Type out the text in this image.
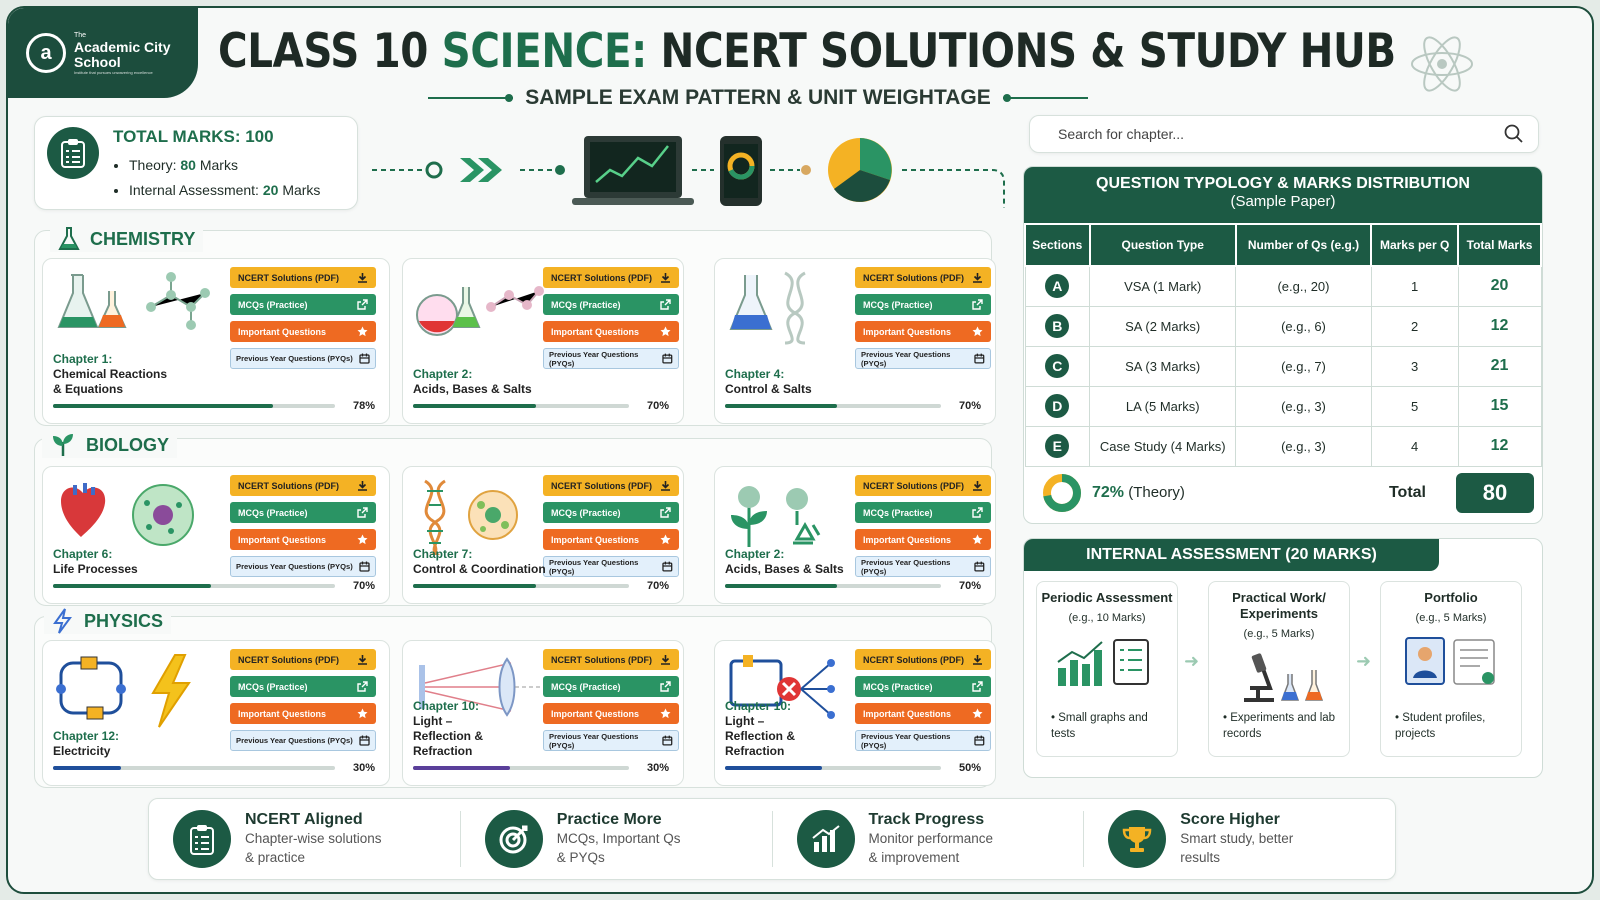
a
The
Academic City School
Institute that pursues unwavering excellence	CLASS 10 SCIENCE: NCERT SOLUTIONS & STUDY HUB
SAMPLE EXAM PATTERN & UNIT WEIGHTAGE
TOTAL MARKS: 100
• Theory: 80 Marks
• Internal Assessment: 20 Marks
Search for chapter...
CHEMISTRY
BIOLOGY
PHYSICS
NCERT Solutions (PDF)
MCQs (Practice)
Important Questions
Previous Year Questions (PYQs)
Chapter 1:
Chemical Reactions
& Equations
78%
NCERT Solutions (PDF)
MCQs (Practice)
Important Questions
Previous Year Questions (PYQs)
Chapter 2:
Acids, Bases & Salts
70%
NCERT Solutions (PDF)
MCQs (Practice)
Important Questions
Previous Year Questions (PYQs)
Chapter 4:
Control & Salts
70%
NCERT Solutions (PDF)
MCQs (Practice)
Important Questions
Previous Year Questions (PYQs)
Chapter 6:
Life Processes
70%
NCERT Solutions (PDF)
MCQs (Practice)
Important Questions
Previous Year Questions (PYQs)
Chapter 7:
Control & Coordination
70%
NCERT Solutions (PDF)
MCQs (Practice)
Important Questions
Previous Year Questions (PYQs)
Chapter 2:
Acids, Bases & Salts
70%
NCERT Solutions (PDF)
MCQs (Practice)
Important Questions
Previous Year Questions (PYQs)
Chapter 12:
Electricity
30%
NCERT Solutions (PDF)
MCQs (Practice)
Important Questions
Previous Year Questions (PYQs)
Chapter 10:
Light –
Reflection &
Refraction
30%
NCERT Solutions (PDF)
MCQs (Practice)
Important Questions
Previous Year Questions (PYQs)
Chapter 10:
Light –
Reflection &
Refraction
50%
QUESTION TYPOLOGY & MARKS DISTRIBUTION
(Sample Paper)
Sections	Question Type	Number of Qs (e.g.)	Marks per Q	Total Marks
A	VSA (1 Mark)	(e.g., 20)	1	20
B	SA (2 Marks)	(e.g., 6)	2	12
C	SA (3 Marks)	(e.g., 7)	3	21
D	LA (5 Marks)	(e.g., 3)	5	15
E	Case Study (4 Marks)	(e.g., 3)	4	12
72% (Theory)	Total	80
INTERNAL ASSESSMENT (20 MARKS)
Periodic Assessment
(e.g., 10 Marks)
• Small graphs and tests
➜
Practical Work/ Experiments
(e.g., 5 Marks)
• Experiments and lab records
➜
Portfolio
(e.g., 5 Marks)
• Student profiles, projects
NCERT Aligned
Chapter-wise solutions
& practice
Practice More
MCQs, Important Qs
& PYQs
Track Progress
Monitor performance
& improvement
Score Higher
Smart study, better
results
